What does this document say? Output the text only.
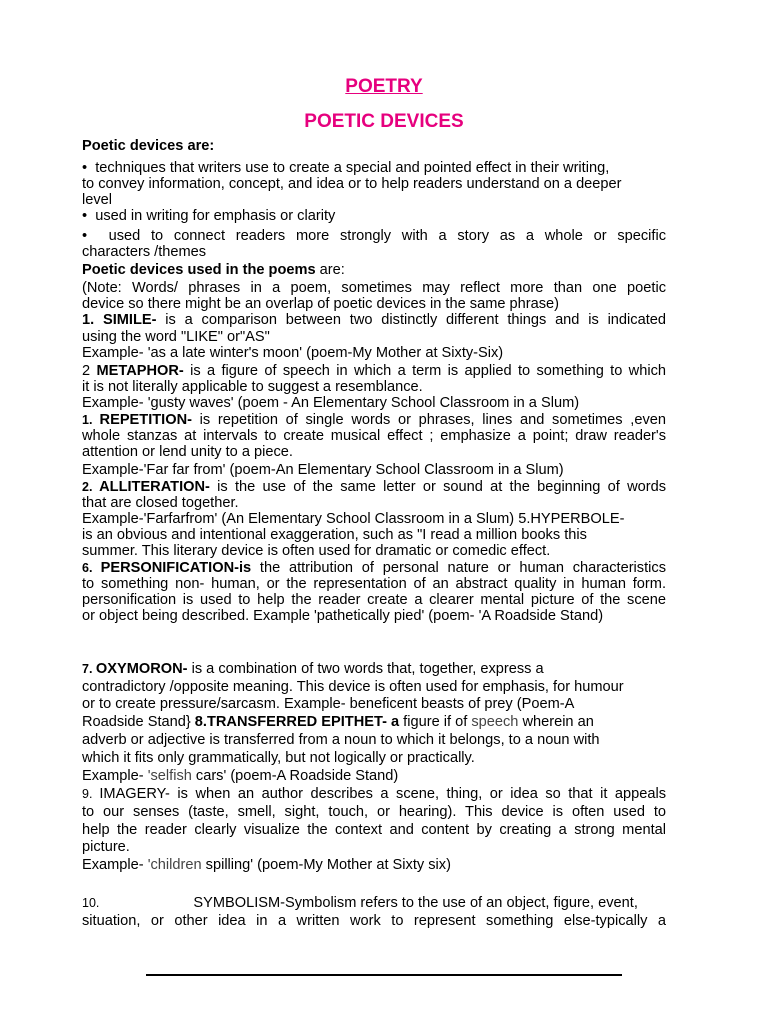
POETRY
POETIC DEVICES
Poetic devices are:
• techniques that writers use to create a special and pointed effect in their writing,
to convey information, concept, and idea or to help readers understand on a deeper
level
• used in writing for emphasis or clarity
• used to connect readers more strongly with a story as a whole or specific
characters /themes
Poetic devices used in the poems are:
(Note: Words/ phrases in a poem, sometimes may reflect more than one poetic
device so there might be an overlap of poetic devices in the same phrase)
1. SIMILE- is a comparison between two distinctly different things and is indicated
using the word "LIKE" or"AS"
Example- 'as a late winter's moon' (poem-My Mother at Sixty-Six)
2 METAPHOR- is a figure of speech in which a term is applied to something to which
it is not literally applicable to suggest a resemblance.
Example- 'gusty waves' (poem - An Elementary School Classroom in a Slum)
1. REPETITION- is repetition of single words or phrases, lines and sometimes ,even
whole stanzas at intervals to create musical effect ; emphasize a point; draw reader's
attention or lend unity to a piece.
Example-'Far far from' (poem-An Elementary School Classroom in a Slum)
2. ALLITERATION- is the use of the same letter or sound at the beginning of words
that are closed together.
Example-'Farfarfrom' (An Elementary School Classroom in a Slum) 5.HYPERBOLE-
is an obvious and intentional exaggeration, such as "I read a million books this
summer. This literary device is often used for dramatic or comedic effect.
6. PERSONIFICATION-is the attribution of personal nature or human characteristics
to something non- human, or the representation of an abstract quality in human form.
personification is used to help the reader create a clearer mental picture of the scene
or object being described. Example 'pathetically pied' (poem- 'A Roadside Stand)
7. OXYMORON- is a combination of two words that, together, express a
contradictory /opposite meaning. This device is often used for emphasis, for humour
or to create pressure/sarcasm. Example- beneficent beasts of prey (Poem-A
Roadside Stand} 8.TRANSFERRED EPITHET- a figure if of speech wherein an
adverb or adjective is transferred from a noun to which it belongs, to a noun with
which it fits only grammatically, but not logically or practically.
Example- 'selfish cars' (poem-A Roadside Stand)
9. IMAGERY- is when an author describes a scene, thing, or idea so that it appeals
to our senses (taste, smell, sight, touch, or hearing). This device is often used to
help the reader clearly visualize the context and content by creating a strong mental
picture.
Example- 'children spilling' (poem-My Mother at Sixty six)
10.	SYMBOLISM-Symbolism refers to the use of an object, figure, event,
situation, or other idea in a written work to represent something else-typically a
